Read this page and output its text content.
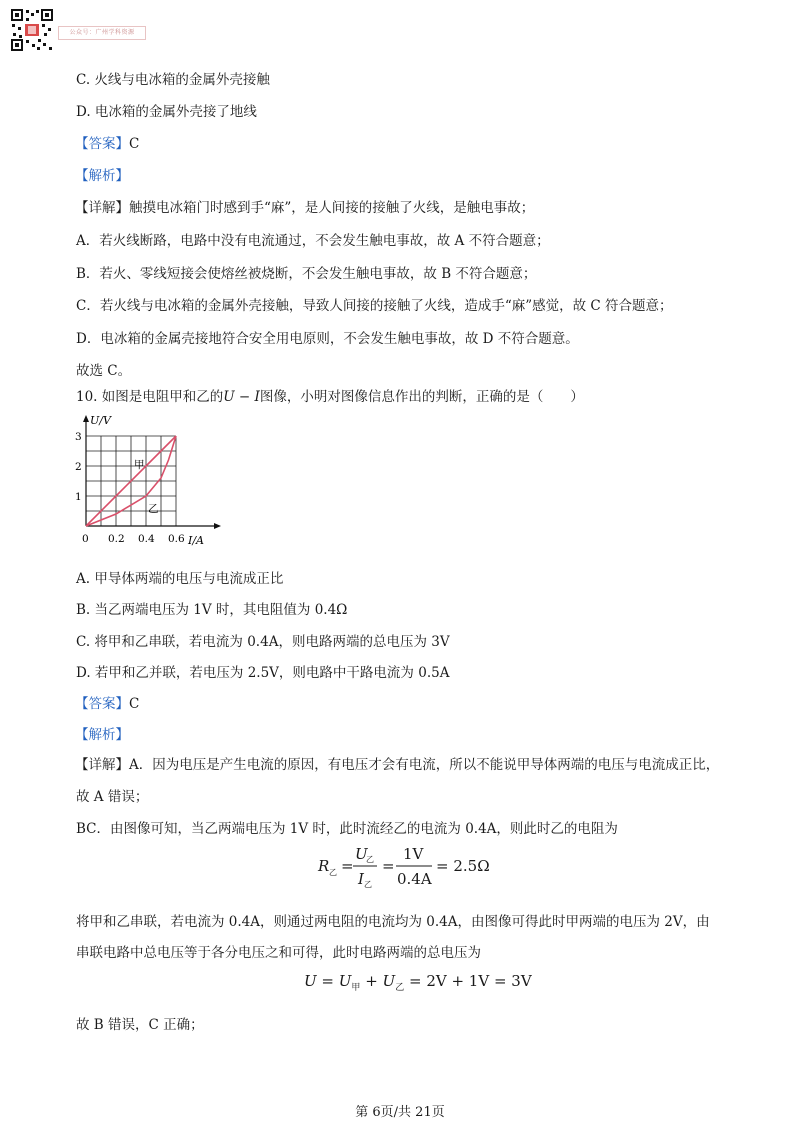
公众号：广州学科资源
C. 火线与电冰箱的金属外壳接触
D. 电冰箱的金属外壳接了地线
【答案】C
【解析】
【详解】触摸电冰箱门时感到手“麻”，是人间接的接触了火线，是触电事故；
A．若火线断路，电路中没有电流通过，不会发生触电事故，故 A 不符合题意；
B．若火、零线短接会使熔丝被烧断，不会发生触电事故，故 B 不符合题意；
C．若火线与电冰箱的金属外壳接触，导致人间接的接触了火线，造成手“麻”感觉，故 C 符合题意；
D．电冰箱的金属壳接地符合安全用电原则，不会发生触电事故，故 D 不符合题意。
故选 C。
10. 如图是电阻甲和乙的U − I图像，小明对图像信息作出的判断，正确的是（　　）
U/V
I/A
0 0.2 0.4 0.6
1
2
3
甲
乙
A. 甲导体两端的电压与电流成正比
B. 当乙两端电压为 1V 时，其电阻值为 0.4Ω
C. 将甲和乙串联，若电流为 0.4A，则电路两端的总电压为 3V
D. 若甲和乙并联，若电压为 2.5V，则电路中干路电流为 0.5A
【答案】C
【解析】
【详解】A．因为电压是产生电流的原因，有电压才会有电流，所以不能说甲导体两端的电压与电流成正比，
故 A 错误；
BC．由图像可知，当乙两端电压为 1V 时，此时流经乙的电流为 0.4A，则此时乙的电阻为
R 乙 =
U
乙
I 乙
=
1V
0.4A
= 2.5Ω
将甲和乙串联，若电流为 0.4A，则通过两电阻的电流均为 0.4A，由图像可得此时甲两端的电压为 2V，由
串联电路中总电压等于各分电压之和可得，此时电路两端的总电压为
$U = U_甲 + U_乙 = 2V + 1V = 3V$
故 B 错误，C 正确；
第 6页/共 21页
